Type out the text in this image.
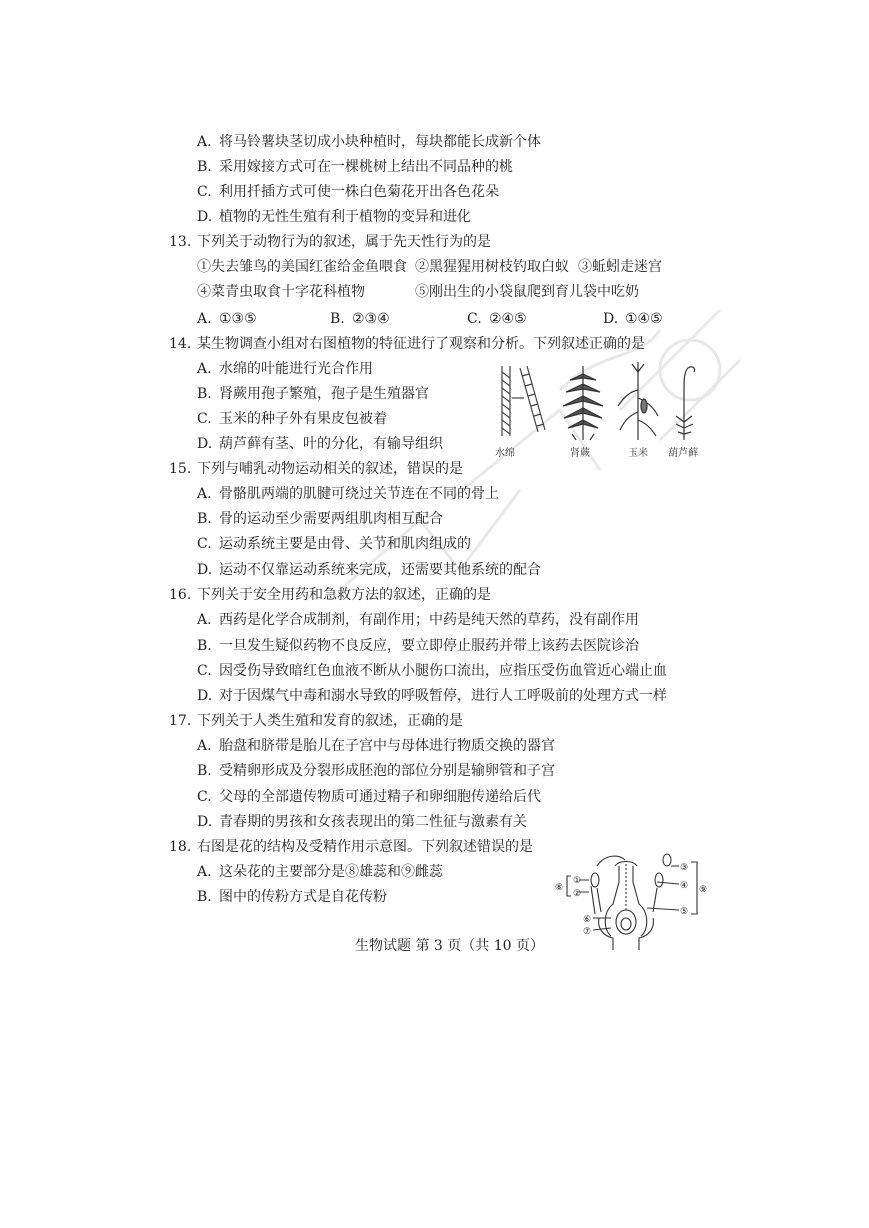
A. 将马铃薯块茎切成小块种植时，每块都能长成新个体
B. 采用嫁接方式可在一棵桃树上结出不同品种的桃
C. 利用扦插方式可使一株白色菊花开出各色花朵
D. 植物的无性生殖有利于植物的变异和进化
13. 下列关于动物行为的叙述，属于先天性行为的是
①失去雏鸟的美国红雀给金鱼喂食 ②黑猩猩用树枝钓取白蚁 ③蚯蚓走迷宫
④菜青虫取食十字花科植物	⑤刚出生的小袋鼠爬到育儿袋中吃奶
A. ①③⑤	B. ②③④	C. ②④⑤	D. ①④⑤
14. 某生物调查小组对右图植物的特征进行了观察和分析。下列叙述正确的是
A. 水绵的叶能进行光合作用
B. 肾蕨用孢子繁殖，孢子是生殖器官
C. 玉米的种子外有果皮包被着
D. 葫芦藓有茎、叶的分化，有输导组织
水绵	肾蕨	玉米 葫芦藓
15. 下列与哺乳动物运动相关的叙述，错误的是
A. 骨骼肌两端的肌腱可绕过关节连在不同的骨上
B. 骨的运动至少需要两组肌肉相互配合
C. 运动系统主要是由骨、关节和肌肉组成的
D. 运动不仅靠运动系统来完成，还需要其他系统的配合
16. 下列关于安全用药和急救方法的叙述，正确的是
A. 西药是化学合成制剂，有副作用；中药是纯天然的草药，没有副作用
B. 一旦发生疑似药物不良反应，要立即停止服药并带上该药去医院诊治
C. 因受伤导致暗红色血液不断从小腿伤口流出，应指压受伤血管近心端止血
D. 对于因煤气中毒和溺水导致的呼吸暂停，进行人工呼吸前的处理方式一样
17. 下列关于人类生殖和发育的叙述，正确的是
A. 胎盘和脐带是胎儿在子宫中与母体进行物质交换的器官
B. 受精卵形成及分裂形成胚泡的部位分别是输卵管和子宫
C. 父母的全部遗传物质可通过精子和卵细胞传递给后代
D. 青春期的男孩和女孩表现出的第二性征与激素有关
18. 右图是花的结构及受精作用示意图。下列叙述错误的是
A. 这朵花的主要部分是⑧雄蕊和⑨雌蕊
B. 图中的传粉方式是自花传粉
①
②
③
④
⑤
⑥
⑦
⑧	⑨
生物试题 第 3 页（共 10 页）
